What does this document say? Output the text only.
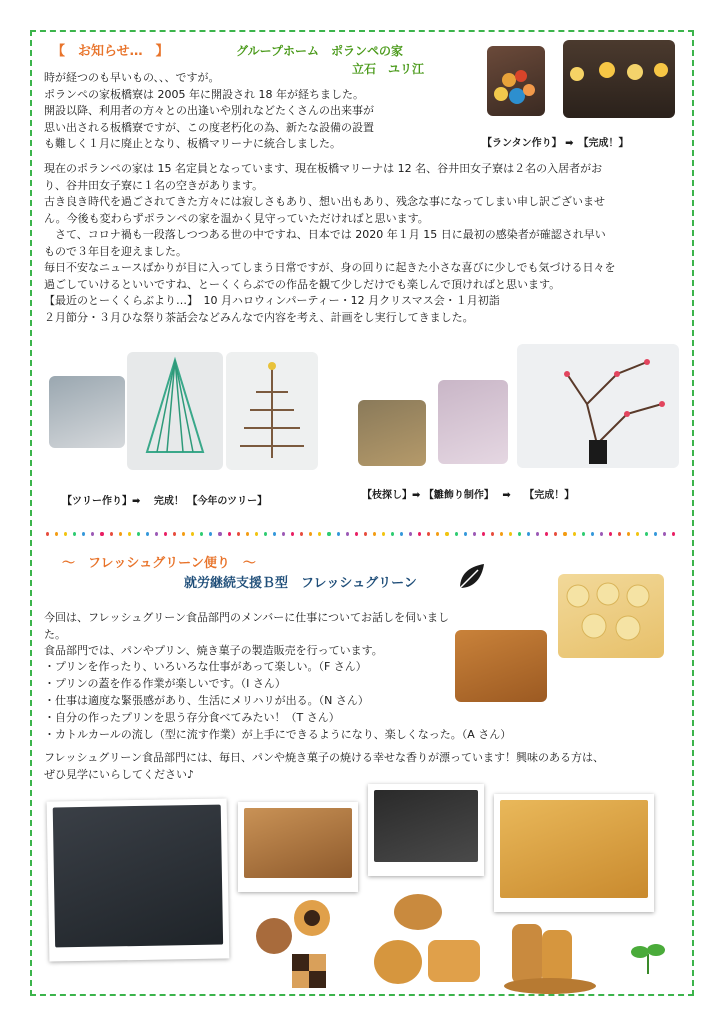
【　お知らせ…　】	グループホーム　ポランペの家
立石　ユリ江
【ランタン作り】 ➡　【完成！】
時が経つのも早いもの、、、ですが。
ポランペの家板橋寮は 2005 年に開設され 18 年が経ちました。
開設以降、利用者の方々との出逢いや別れなどたくさんの出来事が
思い出される板橋寮ですが、この度老朽化の為、新たな設備の設置
も難しく１月に廃止となり、板橋マリーナに統合しました。
現在のポランペの家は 15 名定員となっています、現在板橋マリーナは 12 名、谷井田女子寮は２名の入居者がお
り、谷井田女子寮に１名の空きがあります。
古き良き時代を過ごされてきた方々には寂しさもあり、想い出もあり、残念な事になってしまい申し訳ございませ
ん。今後も変わらずポランペの家を温かく見守っていただければと思います。
　さて、コロナ禍も一段落しつつある世の中ですね、日本では 2020 年１月 15 日に最初の感染者が確認され早い
もので３年目を迎えました。
毎日不安なニュースばかりが目に入ってしまう日常ですが、身の回りに起きた小さな喜びに少しでも気づける日々を
過ごしていけるといいですね、とーくくらぶでの作品を観て少しだけでも楽しんで頂ければと思います。
【最近のとーくくらぶより…】　10 月ハロウィンパーティー・12 月クリスマス会・１月初詣
２月節分・３月ひな祭り茶話会などみんなで内容を考え、計画をし実行してきました。
【ツリー作り】➡　 完成！ 【今年のツリー】
【枝探し】➡ 【雛飾り制作】　 ➡　 【完成！】
～　フレッシュグリーン便り　～
就労継続支援Ｂ型　フレッシュグリーン
今回は、フレッシュグリーン食品部門のメンバーに仕事についてお話しを伺いました。
食品部門では、パンやプリン、焼き菓子の製造販売を行っています。
・プリンを作ったり、いろいろな仕事があって楽しい。（F さん）
・プリンの蓋を作る作業が楽しいです。（I さん）
・仕事は適度な緊張感があり、生活にメリハリが出る。（N さん）
・自分の作ったプリンを思う存分食べてみたい！（T さん）
・カトルカールの流し（型に流す作業）が上手にできるようになり、楽しくなった。（A さん）
フレッシュグリーン食品部門には、毎日、パンや焼き菓子の焼ける幸せな香りが漂っています！興味のある方は、
ぜひ見学にいらしてください♪
